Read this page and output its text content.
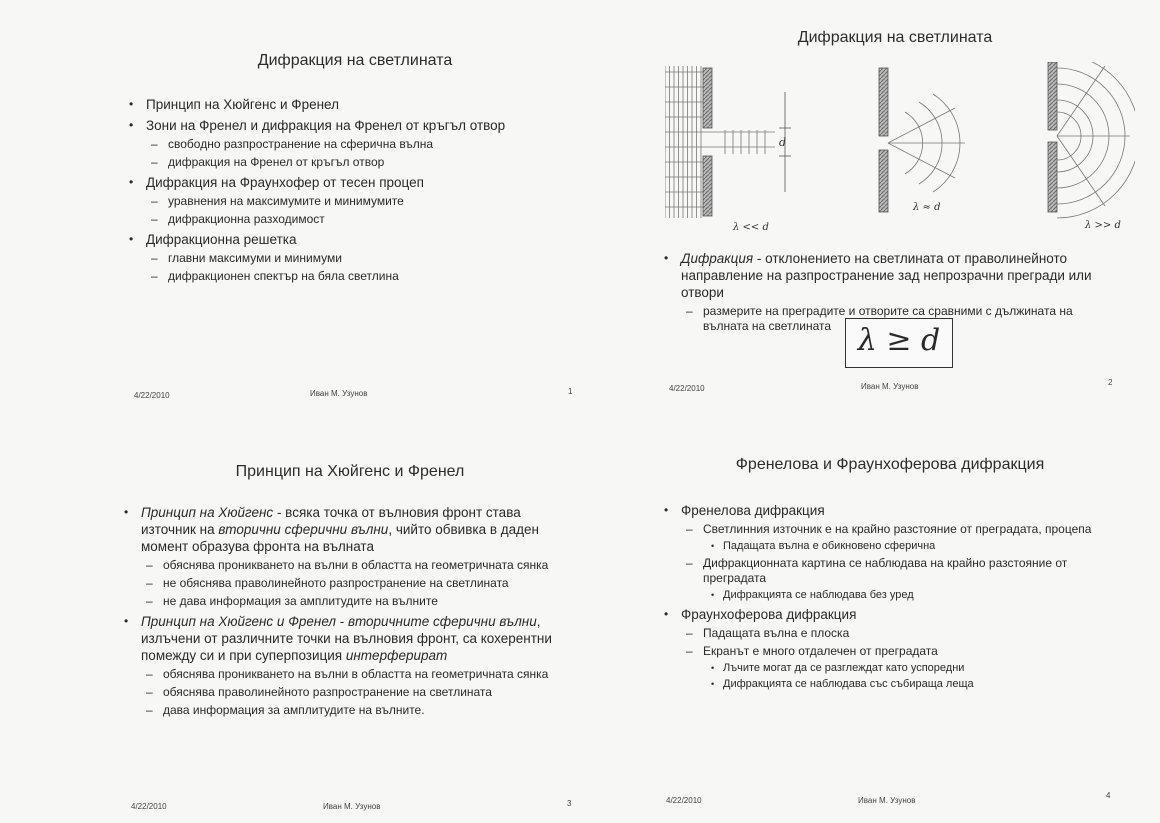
Дифракция на светлината
• Принцип на Хюйгенс и Френел
• Зони на Френел и дифракция на Френел от кръгъл отвор
– свободно разпространение на сферична вълна
– дифракция на Френел от кръгъл отвор
• Дифракция на Фраунхофер от тесен процеп
– уравнения на максимумите и минимумите
– дифракционна разходимост
• Дифракционна решетка
– главни максимуми и минимуми
– дифракционен спектър на бяла светлина
4/22/2010	Иван М. Узунов	1
Дифракция на светлината
d
λ << d
λ ≈ d
λ >> d
• Дифракция - отклонението на светлината от праволинейното направление на разпространение зад непрозрачни прегради или отвори
– размерите на преградите и отворите са сравними с дължината на вълната на светлината λ ≥ d
4/22/2010	Иван М. Узунов	2
Принцип на Хюйгенс и Френел
• Принцип на Хюйгенс - всяка точка от вълновия фронт става източник на вторични сферични вълни, чийто обвивка в даден момент образува фронта на вълната
– обяснява проникването на вълни в областта на геометричната сянка
– не обяснява праволинейното разпространение на светлината
– не дава информация за амплитудите на вълните
• Принцип на Хюйгенс и Френел - вторичните сферични вълни, излъчени от различните точки на вълновия фронт, са кохерентни помежду си и при суперпозиция интерферират
– обяснява проникването на вълни в областта на геометричната сянка
– обяснява праволинейното разпространение на светлината
– дава информация за амплитудите на вълните.
4/22/2010	Иван М. Узунов	3
Френелова и Фраунхоферова дифракция
• Френелова дифракция
– Светлинния източник е на крайно разстояние от преградата, процепа
• Падащата вълна е обикновено сферична
– Дифракционната картина се наблюдава на крайно разстояние от преградата
• Дифракцията се наблюдава без уред
• Фраунхоферова дифракция
– Падащата вълна е плоска
– Екранът е много отдалечен от преградата
• Лъчите могат да се разглеждат като успоредни
• Дифракцията се наблюдава със събираща леща
4/22/2010	Иван М. Узунов
4
